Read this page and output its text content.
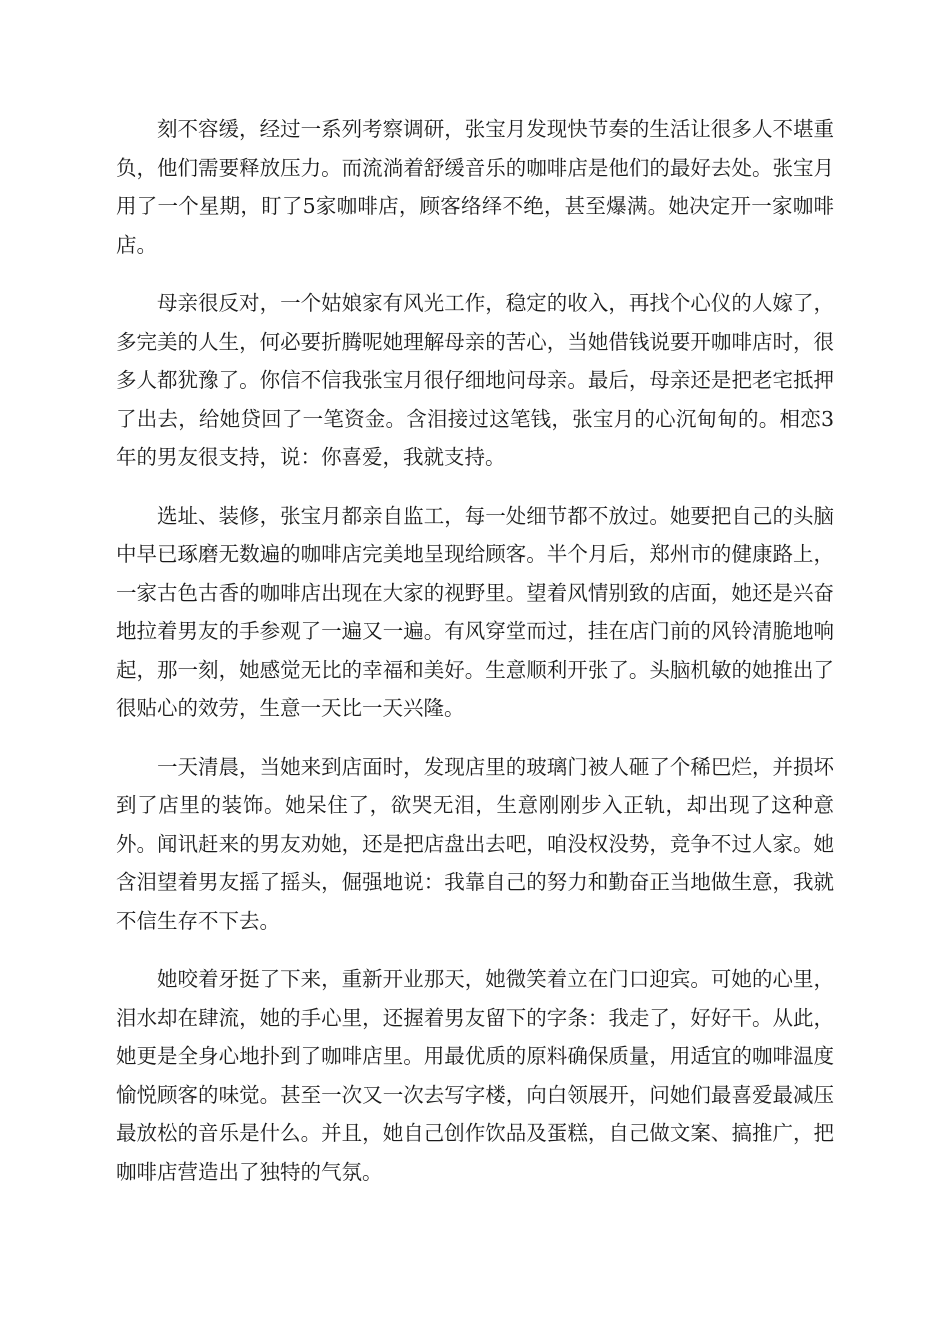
刻不容缓，经过一系列考察调研，张宝月发现快节奏的生活让很多人不堪重负，他们需要释放压力。而流淌着舒缓音乐的咖啡店是他们的最好去处。张宝月用了一个星期，盯了5家咖啡店，顾客络绎不绝，甚至爆满。她决定开一家咖啡店。

母亲很反对，一个姑娘家有风光工作，稳定的收入，再找个心仪的人嫁了，多完美的人生，何必要折腾呢她理解母亲的苦心，当她借钱说要开咖啡店时，很多人都犹豫了。你信不信我张宝月很仔细地问母亲。最后，母亲还是把老宅抵押了出去，给她贷回了一笔资金。含泪接过这笔钱，张宝月的心沉甸甸的。相恋3年的男友很支持，说：你喜爱，我就支持。

选址、装修，张宝月都亲自监工，每一处细节都不放过。她要把自己的头脑中早已琢磨无数遍的咖啡店完美地呈现给顾客。半个月后，郑州市的健康路上，一家古色古香的咖啡店出现在大家的视野里。望着风情别致的店面，她还是兴奋地拉着男友的手参观了一遍又一遍。有风穿堂而过，挂在店门前的风铃清脆地响起，那一刻，她感觉无比的幸福和美好。生意顺利开张了。头脑机敏的她推出了很贴心的效劳，生意一天比一天兴隆。

一天清晨，当她来到店面时，发现店里的玻璃门被人砸了个稀巴烂，并损坏到了店里的装饰。她呆住了，欲哭无泪，生意刚刚步入正轨，却出现了这种意外。闻讯赶来的男友劝她，还是把店盘出去吧，咱没权没势，竞争不过人家。她含泪望着男友摇了摇头，倔强地说：我靠自己的努力和勤奋正当地做生意，我就不信生存不下去。

她咬着牙挺了下来，重新开业那天，她微笑着立在门口迎宾。可她的心里，泪水却在肆流，她的手心里，还握着男友留下的字条：我走了，好好干。从此，她更是全身心地扑到了咖啡店里。用最优质的原料确保质量，用适宜的咖啡温度愉悦顾客的味觉。甚至一次又一次去写字楼，向白领展开，问她们最喜爱最减压最放松的音乐是什么。并且，她自己创作饮品及蛋糕，自己做文案、搞推广，把咖啡店营造出了独特的气氛。
